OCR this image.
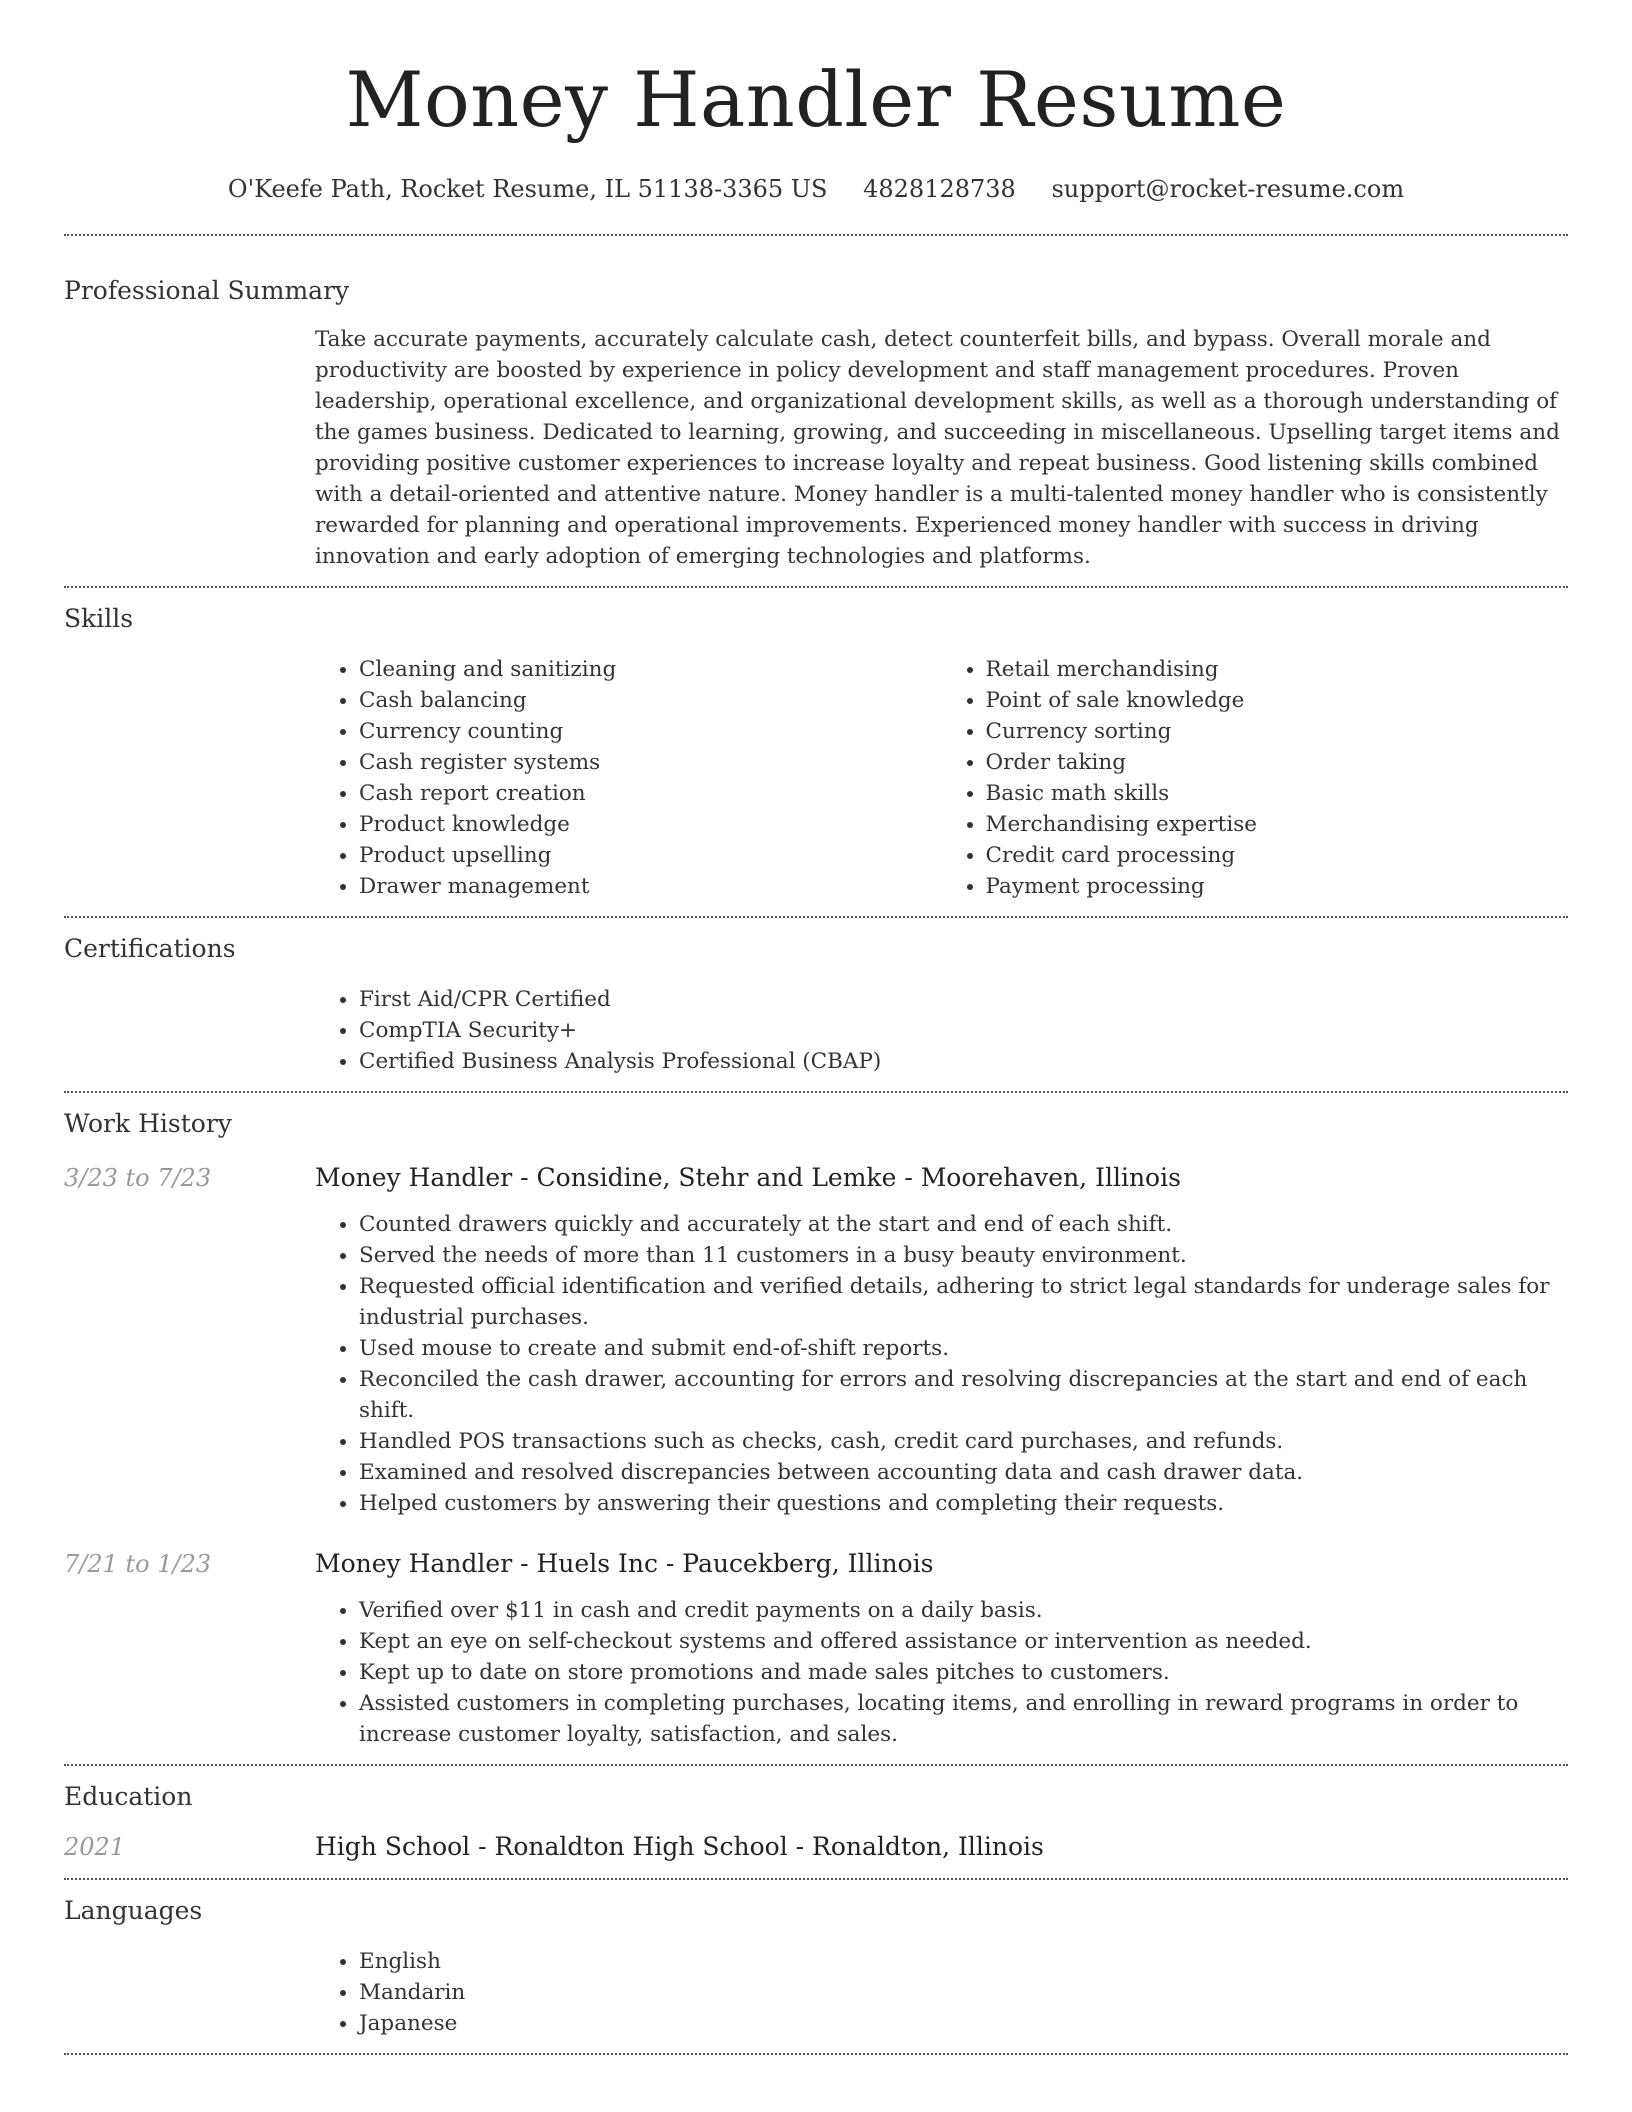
Money Handler Resume
O'Keefe Path, Rocket Resume, IL 51138-3365 US 4828128738 support@rocket-resume.com
Professional Summary

Take accurate payments, accurately calculate cash, detect counterfeit bills, and bypass. Overall morale and productivity are boosted by experience in policy development and staff management procedures. Proven leadership, operational excellence, and organizational development skills, as well as a thorough understanding of the games business. Dedicated to learning, growing, and succeeding in miscellaneous. Upselling target items and providing positive customer experiences to increase loyalty and repeat business. Good listening skills combined with a detail-oriented and attentive nature. Money handler is a multi-talented money handler who is consistently rewarded for planning and operational improvements. Experienced money handler with success in driving innovation and early adoption of emerging technologies and platforms.

Skills
• Cleaning and sanitizing
• Cash balancing
• Currency counting
• Cash register systems
• Cash report creation
• Product knowledge
• Product upselling
• Drawer management
• Retail merchandising
• Point of sale knowledge
• Currency sorting
• Order taking
• Basic math skills
• Merchandising expertise
• Credit card processing
• Payment processing
Certifications
• First Aid/CPR Certified
• CompTIA Security+
• Certified Business Analysis Professional (CBAP)
Work History
3/23 to 7/23	Money Handler - Considine, Stehr and Lemke - Moorehaven, Illinois
• Counted drawers quickly and accurately at the start and end of each shift.
• Served the needs of more than 11 customers in a busy beauty environment.
• Requested official identification and verified details, adhering to strict legal standards for underage sales for industrial purchases.
• Used mouse to create and submit end-of-shift reports.
• Reconciled the cash drawer, accounting for errors and resolving discrepancies at the start and end of each shift.
• Handled POS transactions such as checks, cash, credit card purchases, and refunds.
• Examined and resolved discrepancies between accounting data and cash drawer data.
• Helped customers by answering their questions and completing their requests.
7/21 to 1/23	Money Handler - Huels Inc - Paucekberg, Illinois
• Verified over $11 in cash and credit payments on a daily basis.
• Kept an eye on self-checkout systems and offered assistance or intervention as needed.
• Kept up to date on store promotions and made sales pitches to customers.
• Assisted customers in completing purchases, locating items, and enrolling in reward programs in order to increase customer loyalty, satisfaction, and sales.
Education
2021	High School - Ronaldton High School - Ronaldton, Illinois
Languages
• English
• Mandarin
• Japanese
